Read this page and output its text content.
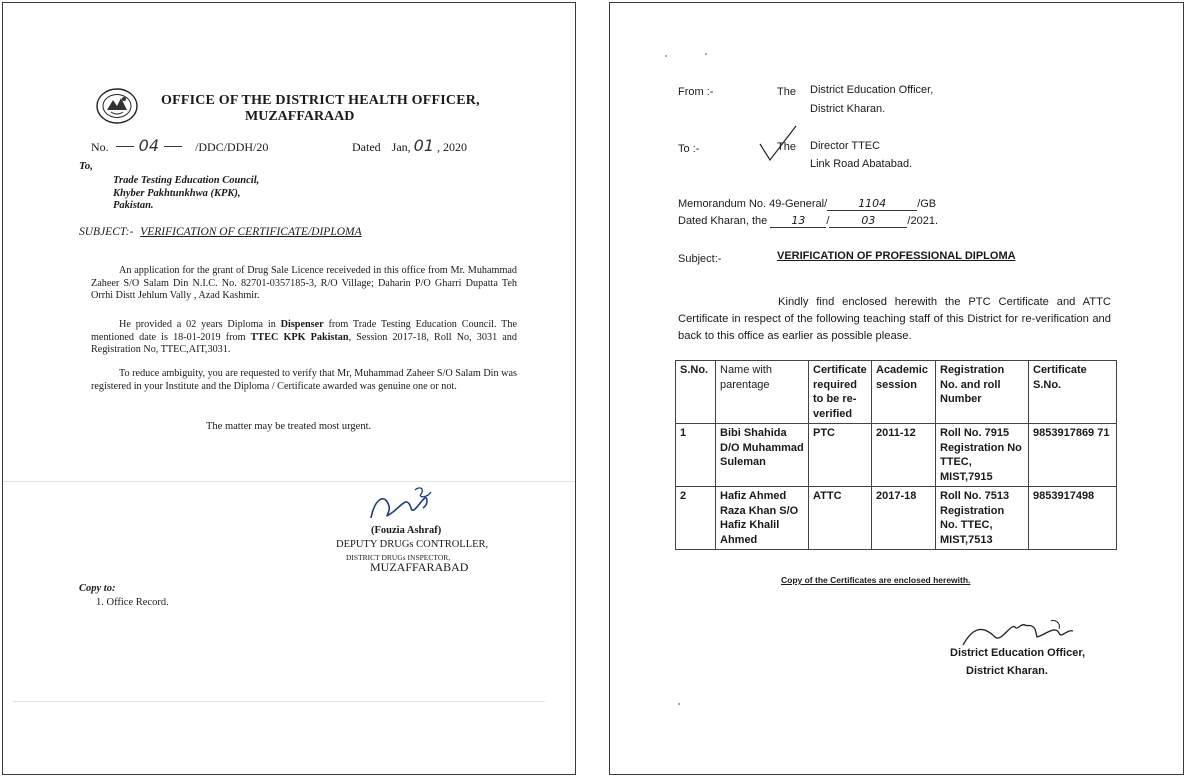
OFFICE OF THE DISTRICT HEALTH OFFICER,
MUZAFFARAAD
No. 04	/DDC/DDH/20	Dated Jan, 01 , 2020
To,
Trade Testing Education Council,
Khyber Pakhtunkhwa (KPK),
Pakistan.
SUBJECT:- VERIFICATION OF CERTIFICATE/DIPLOMA
An application for the grant of Drug Sale Licence receiveded in this office from Mr. Muhammad Zaheer S/O Salam Din N.I.C. No. 82701-0357185-3, R/O Village; Daharin P/O Gharri Dupatta Teh Orrhi Distt Jehlum Vally , Azad Kashmir.
He provided a 02 years Diploma in Dispenser from Trade Testing Education Council. The mentioned date is 18-01-2019 from TTEC KPK Pakistan, Session 2017-18, Roll No, 3031 and Registration No, TTEC,AIT,3031.
To reduce ambiguity, you are requested to verify that Mr, Muhammad Zaheer S/O Salam Din was registered in your Institute and the Diploma / Certificate awarded was genuine one or not.
The matter may be treated most urgent.
(Fouzia Ashraf)
DEPUTY DRUGs CONTROLLER,
DISTRICT DRUGs INSPECTOR,
MUZAFFARABAD
Copy to:
1. Office Record.
From :-	The District Education Officer,
District Kharan.
To :-	The Director TTEC
Link Road Abatabad.
Memorandum No. 49-General/	1104	/GB
Dated Kharan, the 13 /	03	/2021.
Subject:-	VERIFICATION OF PROFESSIONAL DIPLOMA
Kindly find enclosed herewith the PTC Certificate and ATTC Certificate in respect of the following teaching staff of this District for re-verification and back to this office as earlier as possible please.
S.No.	Name with parentage	Certificate required to be re-verified	Academic session	Registration No. and roll Number	Certificate S.No.
1	Bibi Shahida D/O Muhammad Suleman	PTC	2011-12	Roll No. 7915 Registration No TTEC, MIST,7915	9853917869 71
2	Hafiz Ahmed Raza Khan S/O Hafiz Khalil Ahmed	ATTC	2017-18	Roll No. 7513 Registration No. TTEC, MIST,7513	9853917498
Copy of the Certificates are enclosed herewith.
District Education Officer,
District Kharan.
